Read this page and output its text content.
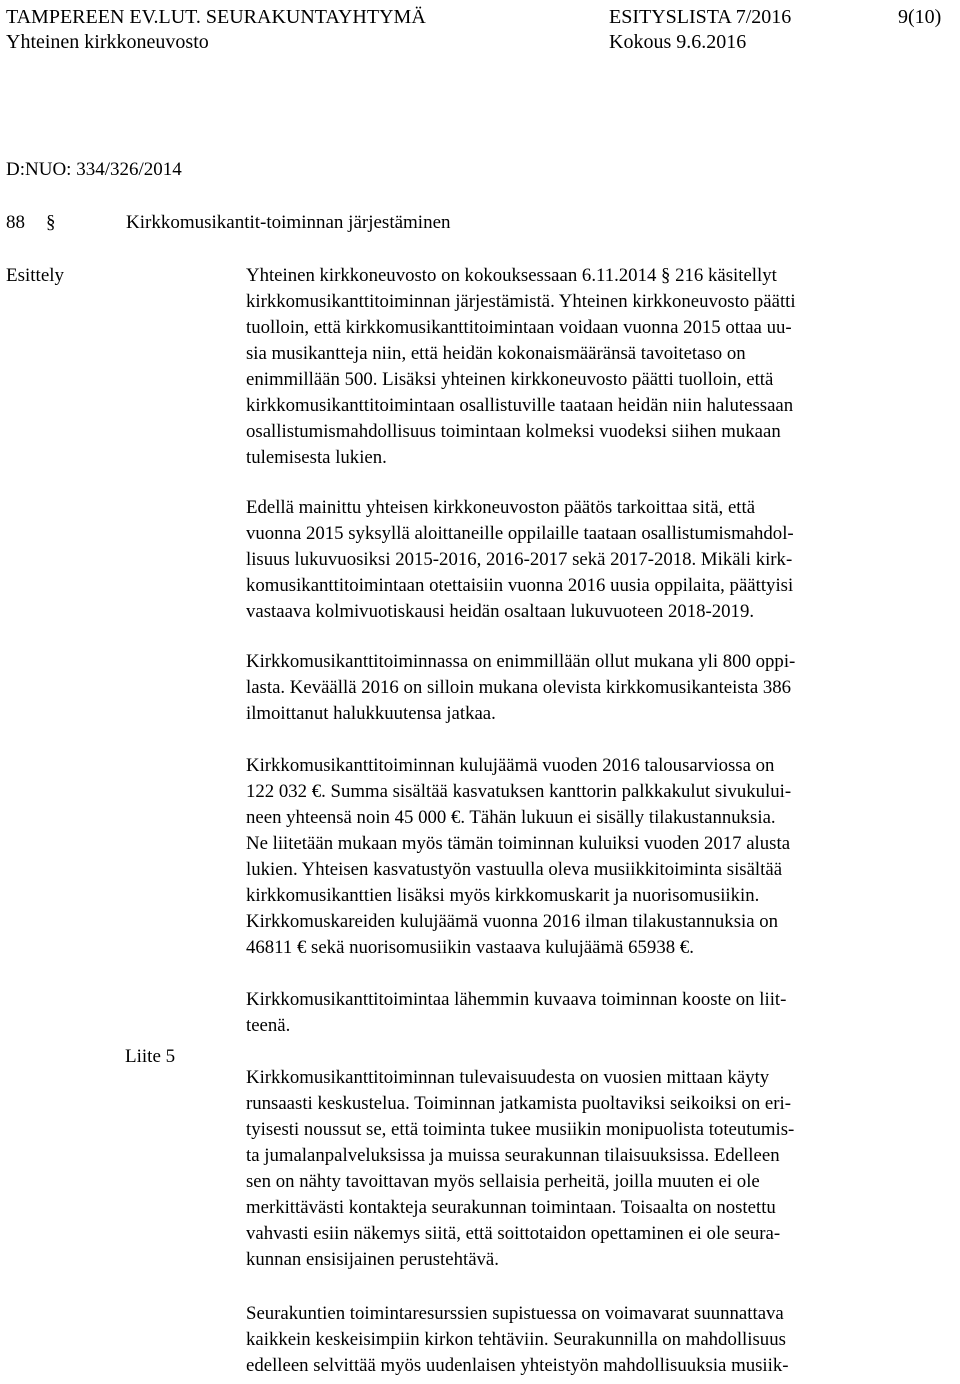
TAMPEREEN EV.LUT. SEURAKUNTAYHTYMÄ	ESITYSLISTA 7/2016	9(10)
Yhteinen kirkkoneuvosto	Kokous 9.6.2016
D:NUO: 334/326/2014
88 §	Kirkkomusikantit-toiminnan järjestäminen
Esittely
Liite 5
Yhteinen kirkkoneuvosto on kokouksessaan 6.11.2014 § 216 käsitellyt
kirkkomusikanttitoiminnan järjestämistä. Yhteinen kirkkoneuvosto päätti
tuolloin, että kirkkomusikanttitoimintaan voidaan vuonna 2015 ottaa uu-
sia musikantteja niin, että heidän kokonaismääränsä tavoitetaso on
enimmillään 500. Lisäksi yhteinen kirkkoneuvosto päätti tuolloin, että
kirkkomusikanttitoimintaan osallistuville taataan heidän niin halutessaan
osallistumismahdollisuus toimintaan kolmeksi vuodeksi siihen mukaan
tulemisesta lukien.
Edellä mainittu yhteisen kirkkoneuvoston päätös tarkoittaa sitä, että
vuonna 2015 syksyllä aloittaneille oppilaille taataan osallistumismahdol-
lisuus lukuvuosiksi 2015-2016, 2016-2017 sekä 2017-2018. Mikäli kirk-
komusikanttitoimintaan otettaisiin vuonna 2016 uusia oppilaita, päättyisi
vastaava kolmivuotiskausi heidän osaltaan lukuvuoteen 2018-2019.
Kirkkomusikanttitoiminnassa on enimmillään ollut mukana yli 800 oppi-
lasta. Keväällä 2016 on silloin mukana olevista kirkkomusikanteista 386
ilmoittanut halukkuutensa jatkaa.
Kirkkomusikanttitoiminnan kulujäämä vuoden 2016 talousarviossa on
122 032 €. Summa sisältää kasvatuksen kanttorin palkkakulut sivukului-
neen yhteensä noin 45 000 €. Tähän lukuun ei sisälly tilakustannuksia.
Ne liitetään mukaan myös tämän toiminnan kuluiksi vuoden 2017 alusta
lukien. Yhteisen kasvatustyön vastuulla oleva musiikkitoiminta sisältää
kirkkomusikanttien lisäksi myös kirkkomuskarit ja nuorisomusiikin.
Kirkkomuskareiden kulujäämä vuonna 2016 ilman tilakustannuksia on
46811 € sekä nuorisomusiikin vastaava kulujäämä 65938 €.
Kirkkomusikanttitoimintaa lähemmin kuvaava toiminnan kooste on liit-
teenä.
Kirkkomusikanttitoiminnan tulevaisuudesta on vuosien mittaan käyty
runsaasti keskustelua. Toiminnan jatkamista puoltaviksi seikoiksi on eri-
tyisesti noussut se, että toiminta tukee musiikin monipuolista toteutumis-
ta jumalanpalveluksissa ja muissa seurakunnan tilaisuuksissa. Edelleen
sen on nähty tavoittavan myös sellaisia perheitä, joilla muuten ei ole
merkittävästi kontakteja seurakunnan toimintaan. Toisaalta on nostettu
vahvasti esiin näkemys siitä, että soittotaidon opettaminen ei ole seura-
kunnan ensisijainen perustehtävä.
Seurakuntien toimintaresurssien supistuessa on voimavarat suunnattava
kaikkein keskeisimpiin kirkon tehtäviin. Seurakunnilla on mahdollisuus
edelleen selvittää myös uudenlaisen yhteistyön mahdollisuuksia musiik-
